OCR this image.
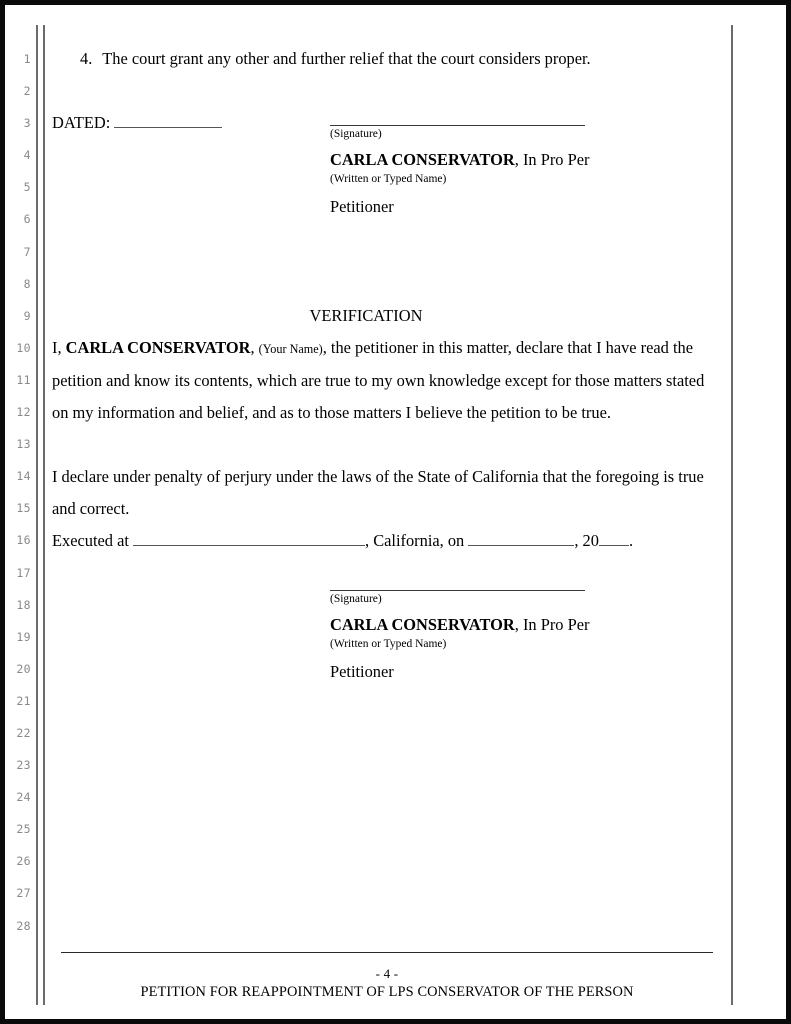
1
2
3
4
5
6
7
8
9
10
11
12
13
14
15
16
17
18
19
20
21
22
23
24
25
26
27
28
4. The court grant any other and further relief that the court considers proper.
DATED:
VERIFICATION
I, CARLA CONSERVATOR, (Your Name), the petitioner in this matter, declare that I have read the
petition and know its contents, which are true to my own knowledge except for those matters stated
on my information and belief, and as to those matters I believe the petition to be true.
I declare under penalty of perjury under the laws of the State of California that the foregoing is true
and correct.
Executed at	, California, on	, 20 .
(Signature)
CARLA CONSERVATOR, In Pro Per
(Written or Typed Name)
Petitioner
(Signature)
CARLA CONSERVATOR, In Pro Per
(Written or Typed Name)
Petitioner
- 4 -
PETITION FOR REAPPOINTMENT OF LPS CONSERVATOR OF THE PERSON
